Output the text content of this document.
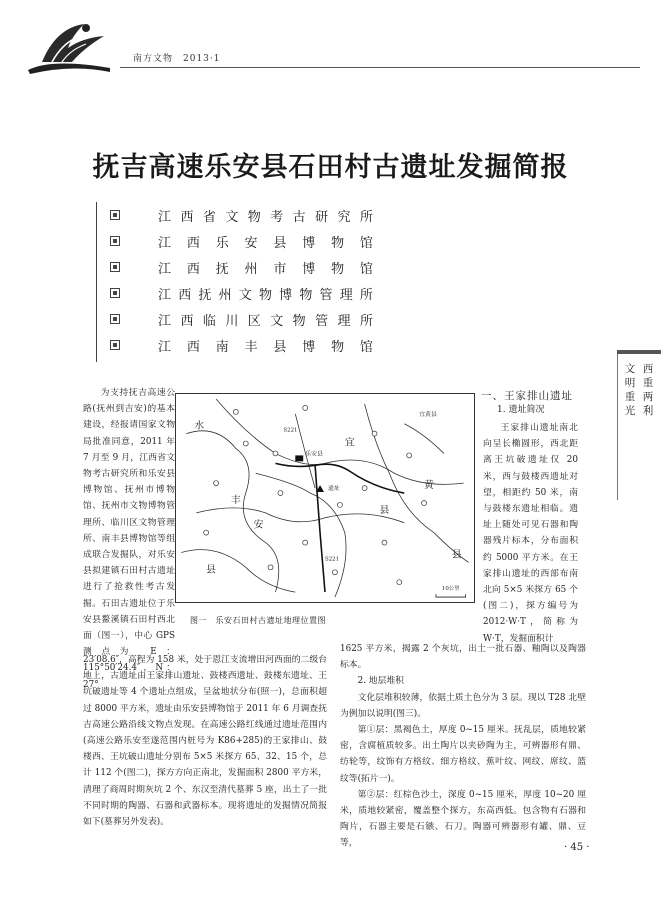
南方文物　2013·1
抚吉高速乐安县石田村古遗址发掘简报
江 西 省 文 物 考 古 研 究 所
江 西 乐 安 县 博 物 馆
江 西 抚 州 市 博 物 馆
江 西 抚 州 文 物 博 物 管 理 所
江 西 临 川 区 文 物 管 理 所
江 西 南 丰 县 博 物 馆
西
重
两
利
文
明
重
光
为支持抚吉高速公路(抚州到吉安)的基本建设，经报请国家文物局批准同意，2011 年 7 月至 9 月，江西省文物考古研究所和乐安县博物馆、抚州市博物馆、抚州市文物博物管理所、临川区文物管理所、南丰县博物馆等组成联合发掘队，对乐安县拟建镇石田村古遗址进行了抢救性考古发掘。石田古遗址位于乐安县鳌溪镇石田村西北面（图一），中心 GPS 测点为 E：115°50′24.4″，N：27°
水
县
丰
安
宜
黄
县
县
乐安县
S221
S221
宜黄县
遗址
10公里
图一　乐安石田村古遗址地理位置图
一、王家排山遗址
1. 遗址简况
王家排山遗址南北向呈长椭圆形，西北距离王坑破遗址仅 20 米，西与鼓楼西遗址对望，相距约 50 米，南与鼓楼东遗址相临。遗址上随处可见石器和陶器残片标本，分布面积约 5000 平方米。在王家排山遗址的西部布南北向 5×5 米探方 65 个(图二)，探方编号为 2012·W·T，简称为 W·T，发掘面积计
23′08.6″，高程为 158 米，处于恩江支流增田河西面的二级台地上，古遗址由王家排山遗址、鼓楼西遗址、鼓楼东遗址、王坑破遗址等 4 个遗址点组成，呈盆地状分布(照一)，总面积超过 8000 平方米，遗址由乐安县博物馆于 2011 年 6 月调查抚吉高速公路沿线文物点发现。在高速公路红线通过遗址范围内(高速公路乐安至遂范围内桩号为 K86+285)的王家排山、鼓楼西、王坑破山遗址分别布 5×5 米探方 65、32、15 个，总计 112 个(图二)，探方方向正南北，发掘面积 2800 平方米，清理了商周时期灰坑 2 个、东汉至清代墓葬 5 座，出土了一批不同时期的陶器、石器和武器标本。现将遗址的发掘情况简报如下(墓葬另外发表)。
1625 平方米，揭露 2 个灰坑，出土一批石器、釉陶以及陶器标本。
2. 地层堆积
文化层堆积较薄，依据土质土色分为 3 层。现以 T28 北壁为例加以说明(图三)。
第①层：黑褐色土，厚度 0~15 厘米。抚乱层，质地较紧密，含腐植质较多。出土陶片以夹砂陶为主，可辨器形有鼎、纺轮等，纹饰有方格纹、细方格纹、蕉叶纹、网纹、席纹、篮纹等(拓片一)。
第②层：红棕色沙土，深度 0~15 厘米，厚度 10~20 厘米，质地较紧密，覆盖整个探方，东高西低。包含物有石器和陶片，石器主要是石镞、石刀。陶器可辨器形有罐、鼎、豆等，	· 45 ·
